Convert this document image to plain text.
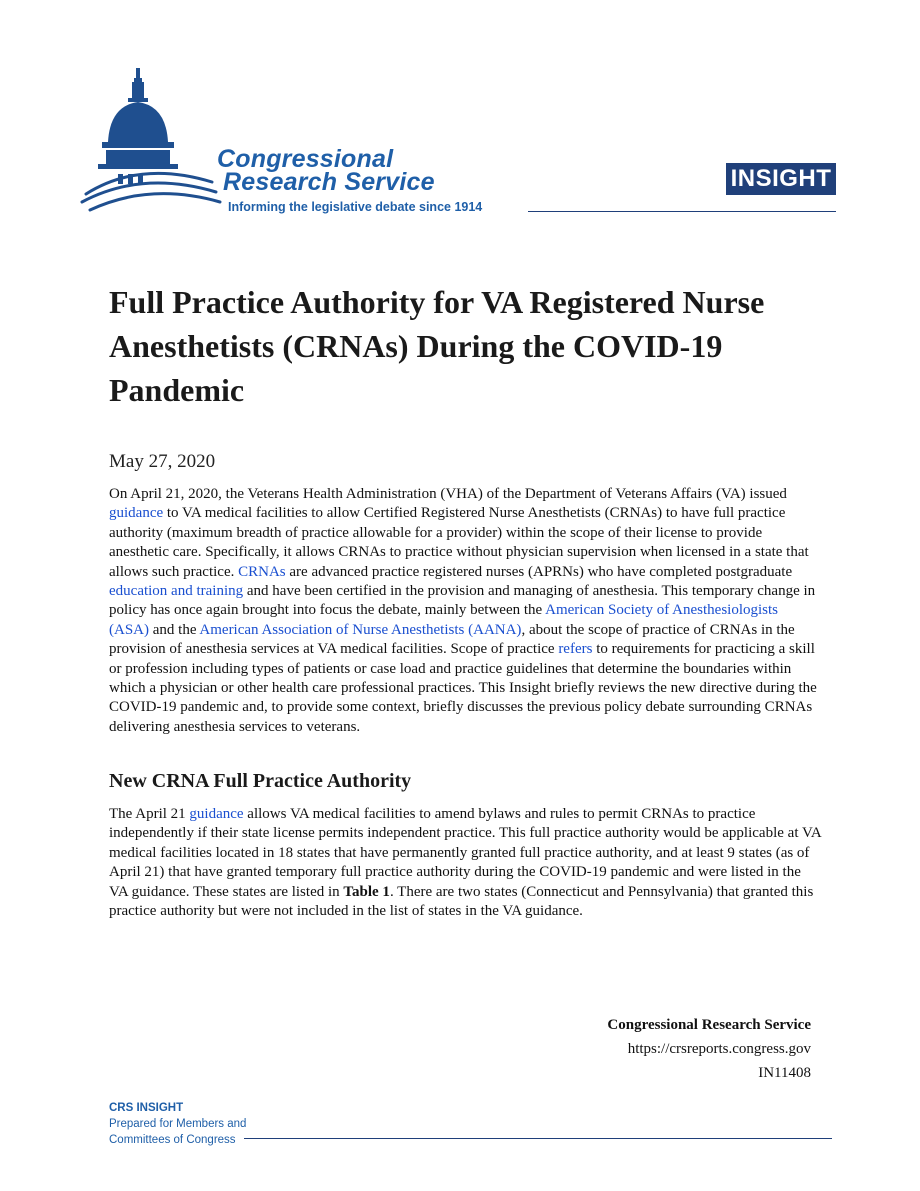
Congressional
Research Service
Informing the legislative debate since 1914
INSIGHT
Full Practice Authority for VA Registered Nurse Anesthetists (CRNAs) During the COVID-19 Pandemic
May 27, 2020

On April 21, 2020, the Veterans Health Administration (VHA) of the Department of Veterans Affairs (VA) issued guidance to VA medical facilities to allow Certified Registered Nurse Anesthetists (CRNAs) to have full practice authority (maximum breadth of practice allowable for a provider) within the scope of their license to provide anesthetic care. Specifically, it allows CRNAs to practice without physician supervision when licensed in a state that allows such practice. CRNAs are advanced practice registered nurses (APRNs) who have completed postgraduate education and training and have been certified in the provision and managing of anesthesia. This temporary change in policy has once again brought into focus the debate, mainly between the American Society of Anesthesiologists (ASA) and the American Association of Nurse Anesthetists (AANA), about the scope of practice of CRNAs in the provision of anesthesia services at VA medical facilities. Scope of practice refers to requirements for practicing a skill or profession including types of patients or case load and practice guidelines that determine the boundaries within which a physician or other health care professional practices. This Insight briefly reviews the new directive during the COVID-19 pandemic and, to provide some context, briefly discusses the previous policy debate surrounding CRNAs delivering anesthesia services to veterans.

New CRNA Full Practice Authority

The April 21 guidance allows VA medical facilities to amend bylaws and rules to permit CRNAs to practice independently if their state license permits independent practice. This full practice authority would be applicable at VA medical facilities located in 18 states that have permanently granted full practice authority, and at least 9 states (as of April 21) that have granted temporary full practice authority during the COVID-19 pandemic and were listed in the VA guidance. These states are listed in Table 1. There are two states (Connecticut and Pennsylvania) that granted this practice authority but were not included in the list of states in the VA guidance.

Congressional Research Service
https://crsreports.congress.gov
IN11408
CRS INSIGHT
Prepared for Members and
Committees of Congress
